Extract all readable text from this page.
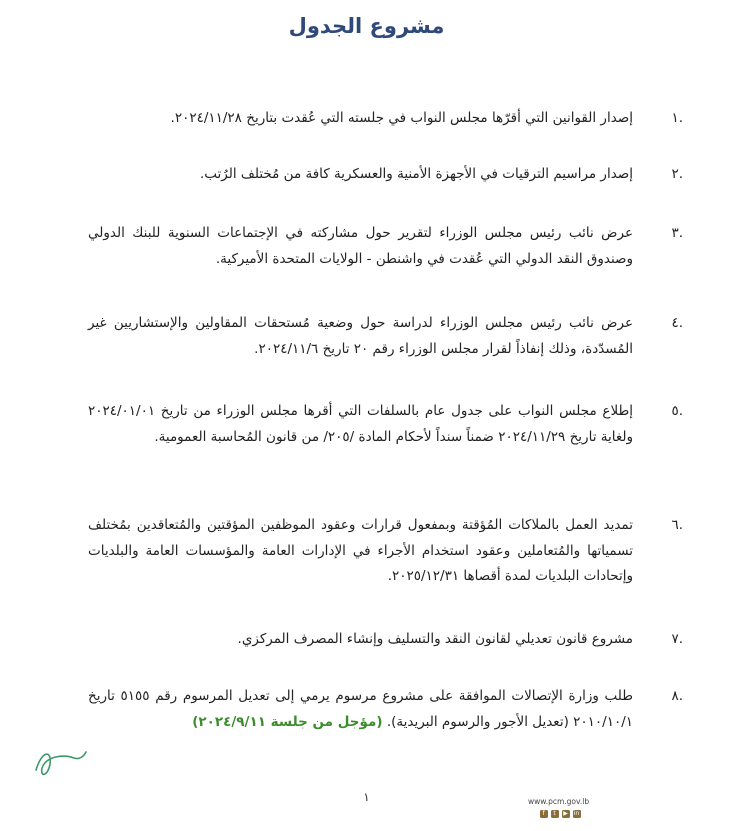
مشروع الجدول
.١
إصدار القوانين التي أقرّها مجلس النواب في جلسته التي عُقدت بتاريخ ٢٠٢٤/١١/٢٨.
.٢
إصدار مراسيم الترقيات في الأجهزة الأمنية والعسكرية كافة من مُختلف الرُتب.
.٣
عرض نائب رئيس مجلس الوزراء لتقرير حول مشاركته في الإجتماعات السنوية للبنك الدولي وصندوق النقد الدولي التي عُقدت في واشنطن - الولايات المتحدة الأميركية.
.٤
عرض نائب رئيس مجلس الوزراء لدراسة حول وضعية مُستحقات المقاولين والإستشاريين غير المُسدّدة، وذلك إنفاذاً لقرار مجلس الوزراء رقم ٢٠ تاريخ ٢٠٢٤/١١/٦.
.٥
إطلاع مجلس النواب على جدول عام بالسلفات التي أقرها مجلس الوزراء من تاريخ ٢٠٢٤/٠١/٠١ ولغاية تاريخ ٢٠٢٤/١١/٢٩ ضمناً سنداً لأحكام المادة /٢٠٥/ من قانون المُحاسبة العمومية.
.٦
تمديد العمل بالملاكات المُؤقتة وبمفعول قرارات وعقود الموظفين المؤقتين والمُتعاقدين بمُختلف تسمياتها والمُتعاملين وعقود استخدام الأجراء في الإدارات العامة والمؤسسات العامة والبلديات وإتحادات البلديات لمدة أقصاها ٢٠٢٥/١٢/٣١.
.٧
مشروع قانون تعديلي لقانون النقد والتسليف وإنشاء المصرف المركزي.
.٨
طلب وزارة الإتصالات الموافقة على مشروع مرسوم يرمي إلى تعديل المرسوم رقم ٥١٥٥ تاريخ ٢٠١٠/١٠/١ (تعديل الأجور والرسوم البريدية). (مؤجل من جلسة ٢٠٢٤/٩/١١)
١	www.pcm.gov.lb
f	t	▶ in
